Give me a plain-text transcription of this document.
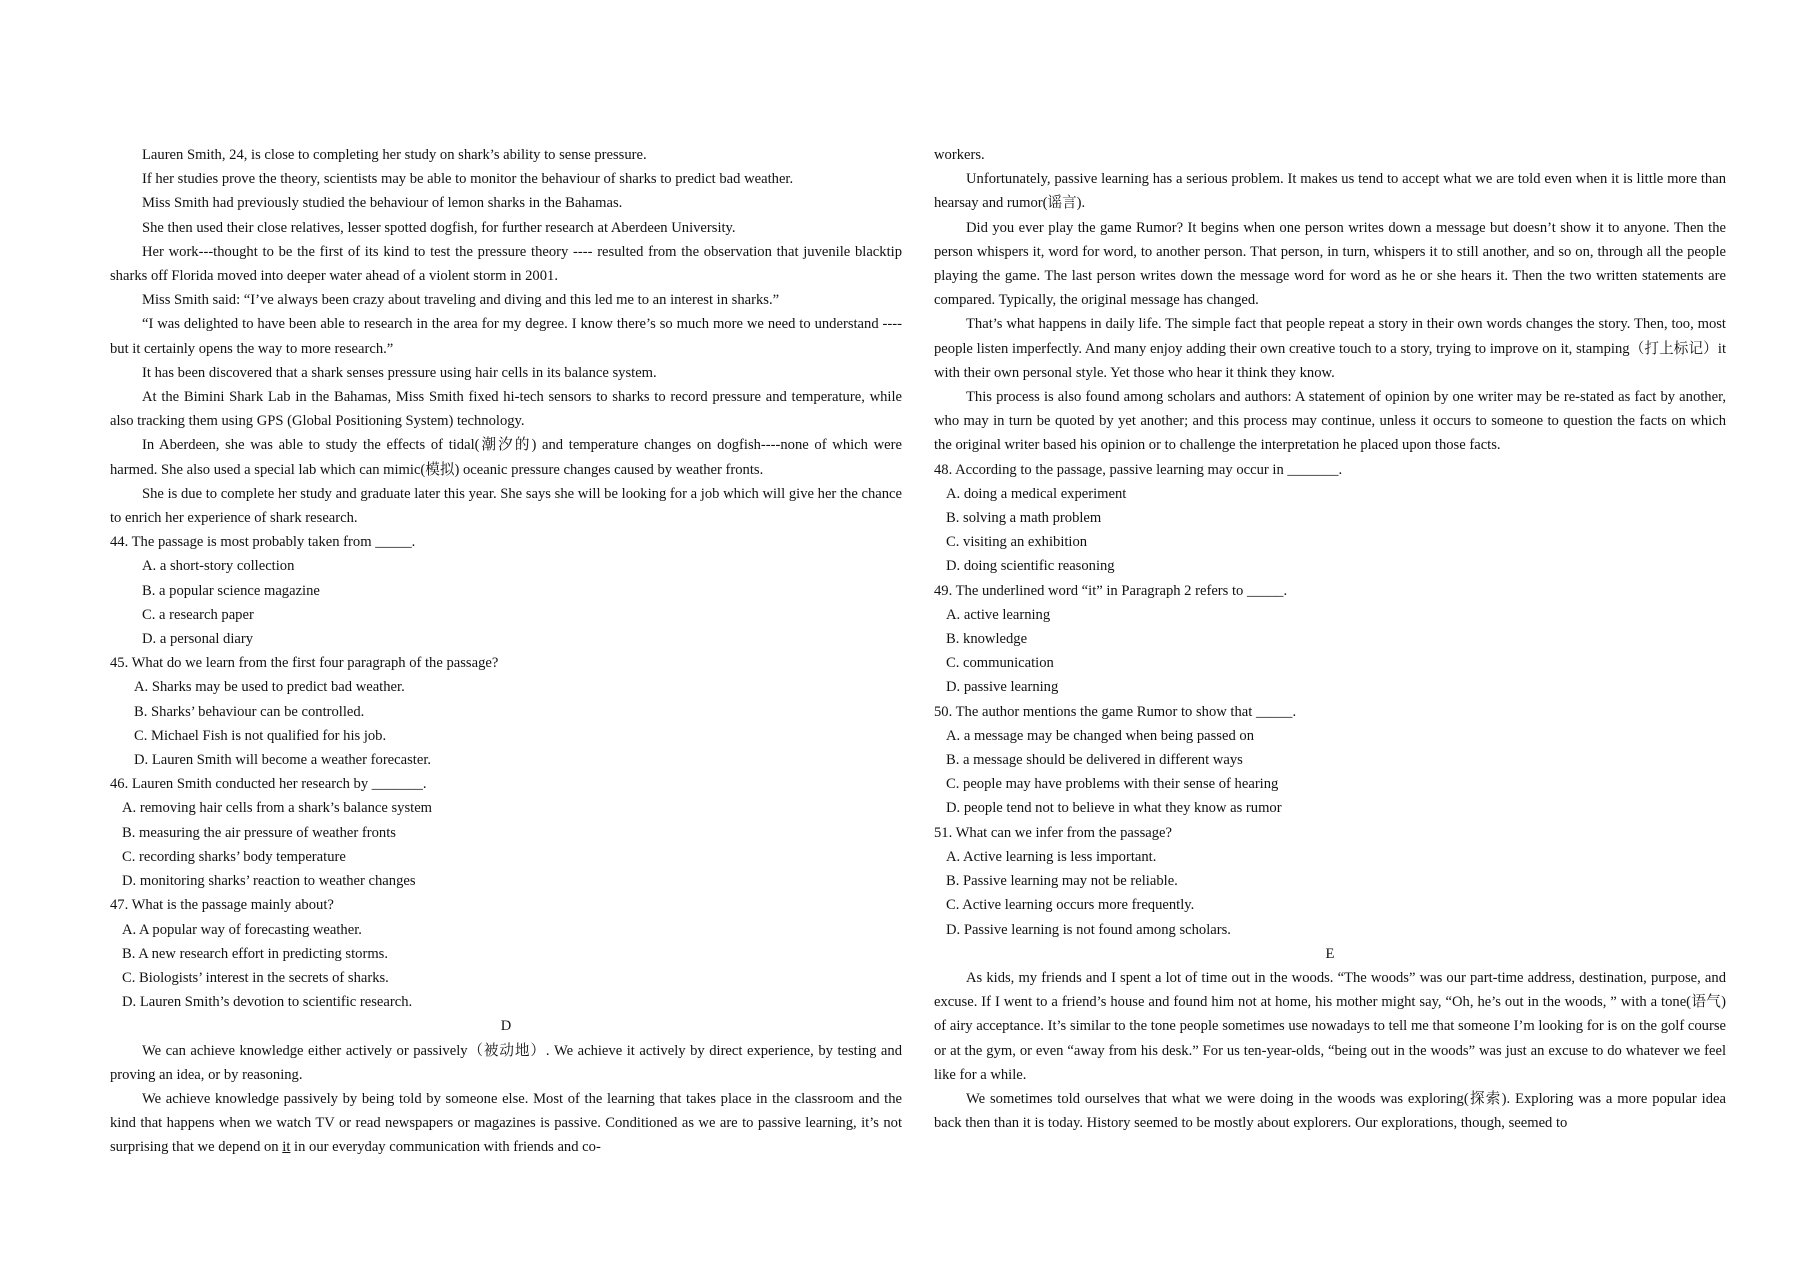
Lauren Smith, 24, is close to completing her study on shark’s ability to sense pressure.

If her studies prove the theory, scientists may be able to monitor the behaviour of sharks to predict bad weather.

Miss Smith had previously studied the behaviour of lemon sharks in the Bahamas.

She then used their close relatives, lesser spotted dogfish, for further research at Aberdeen University.

Her work---thought to be the first of its kind to test the pressure theory ---- resulted from the observation that juvenile blacktip sharks off Florida moved into deeper water ahead of a violent storm in 2001.

Miss Smith said: “I’ve always been crazy about traveling and diving and this led me to an interest in sharks.”

“I was delighted to have been able to research in the area for my degree. I know there’s so much more we need to understand ---- but it certainly opens the way to more research.”

It has been discovered that a shark senses pressure using hair cells in its balance system.

At the Bimini Shark Lab in the Bahamas, Miss Smith fixed hi-tech sensors to sharks to record pressure and temperature, while also tracking them using GPS (Global Positioning System) technology.

In Aberdeen, she was able to study the effects of tidal(潮汐的) and temperature changes on dogfish----none of which were harmed. She also used a special lab which can mimic(模拟) oceanic pressure changes caused by weather fronts.

She is due to complete her study and graduate later this year. She says she will be looking for a job which will give her the chance to enrich her experience of shark research.

44. The passage is most probably taken from _____.

A. a short-story collection

B. a popular science magazine

C. a research paper

D. a personal diary

45. What do we learn from the first four paragraph of the passage?

A. Sharks may be used to predict bad weather.

B. Sharks’ behaviour can be controlled.

C. Michael Fish is not qualified for his job.

D. Lauren Smith will become a weather forecaster.

46. Lauren Smith conducted her research by _______.

A. removing hair cells from a shark’s balance system

B. measuring the air pressure of weather fronts

C. recording sharks’ body temperature

D. monitoring sharks’ reaction to weather changes

47. What is the passage mainly about?

A. A popular way of forecasting weather.

B. A new research effort in predicting storms.

C. Biologists’ interest in the secrets of sharks.

D. Lauren Smith’s devotion to scientific research.

D

We can achieve knowledge either actively or passively（被动地）. We achieve it actively by direct experience, by testing and proving an idea, or by reasoning.

We achieve knowledge passively by being told by someone else. Most of the learning that takes place in the classroom and the kind that happens when we watch TV or read newspapers or magazines is passive. Conditioned as we are to passive learning, it’s not surprising that we depend on it in our everyday communication with friends and co-

workers.

Unfortunately, passive learning has a serious problem. It makes us tend to accept what we are told even when it is little more than hearsay and rumor(谣言).

Did you ever play the game Rumor? It begins when one person writes down a message but doesn’t show it to anyone. Then the person whispers it, word for word, to another person. That person, in turn, whispers it to still another, and so on, through all the people playing the game. The last person writes down the message word for word as he or she hears it. Then the two written statements are compared. Typically, the original message has changed.

That’s what happens in daily life. The simple fact that people repeat a story in their own words changes the story. Then, too, most people listen imperfectly. And many enjoy adding their own creative touch to a story, trying to improve on it, stamping（打上标记）it with their own personal style. Yet those who hear it think they know.

This process is also found among scholars and authors: A statement of opinion by one writer may be re-stated as fact by another, who may in turn be quoted by yet another; and this process may continue, unless it occurs to someone to question the facts on which the original writer based his opinion or to challenge the interpretation he placed upon those facts.

48. According to the passage, passive learning may occur in _______.

A. doing a medical experiment

B. solving a math problem

C. visiting an exhibition

D. doing scientific reasoning

49. The underlined word “it” in Paragraph 2 refers to _____.

A. active learning

B. knowledge

C. communication

D. passive learning

50. The author mentions the game Rumor to show that _____.

A. a message may be changed when being passed on

B. a message should be delivered in different ways

C. people may have problems with their sense of hearing

D. people tend not to believe in what they know as rumor

51. What can we infer from the passage?

A. Active learning is less important.

B. Passive learning may not be reliable.

C. Active learning occurs more frequently.

D. Passive learning is not found among scholars.

E

As kids, my friends and I spent a lot of time out in the woods. “The woods” was our part-time address, destination, purpose, and excuse. If I went to a friend’s house and found him not at home, his mother might say, “Oh, he’s out in the woods, ” with a tone(语气) of airy acceptance. It’s similar to the tone people sometimes use nowadays to tell me that someone I’m looking for is on the golf course or at the gym, or even “away from his desk.” For us ten-year-olds, “being out in the woods” was just an excuse to do whatever we feel like for a while.

We sometimes told ourselves that what we were doing in the woods was exploring(探索). Exploring was a more popular idea back then than it is today. History seemed to be mostly about explorers. Our explorations, though, seemed to
